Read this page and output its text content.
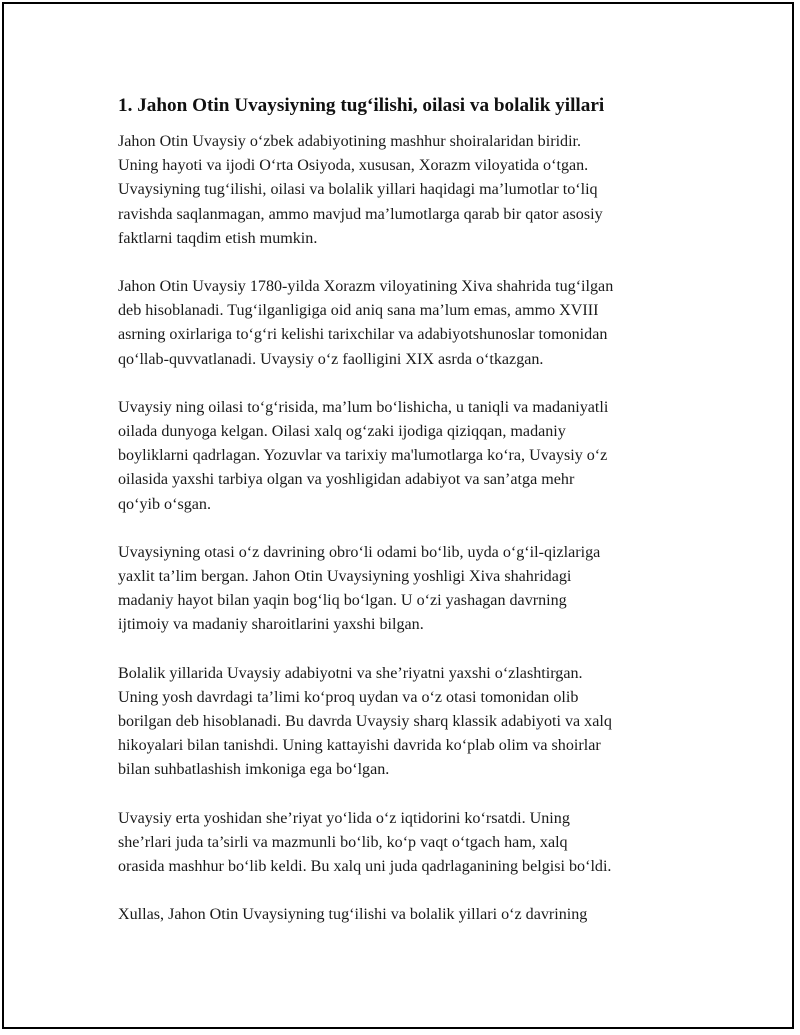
1. Jahon Otin Uvaysiyning tug‘ilishi, oilasi va bolalik yillari

Jahon Otin Uvaysiy o‘zbek adabiyotining mashhur shoiralaridan biridir.
Uning hayoti va ijodi O‘rta Osiyoda, xususan, Xorazm viloyatida o‘tgan.
Uvaysiyning tug‘ilishi, oilasi va bolalik yillari haqidagi ma’lumotlar to‘liq
ravishda saqlanmagan, ammo mavjud ma’lumotlarga qarab bir qator asosiy
faktlarni taqdim etish mumkin.

Jahon Otin Uvaysiy 1780-yilda Xorazm viloyatining Xiva shahrida tug‘ilgan
deb hisoblanadi. Tug‘ilganligiga oid aniq sana ma’lum emas, ammo XVIII
asrning oxirlariga to‘g‘ri kelishi tarixchilar va adabiyotshunoslar tomonidan
qo‘llab-quvvatlanadi. Uvaysiy o‘z faolligini XIX asrda o‘tkazgan.

Uvaysiy ning oilasi to‘g‘risida, ma’lum bo‘lishicha, u taniqli va madaniyatli
oilada dunyoga kelgan. Oilasi xalq og‘zaki ijodiga qiziqqan, madaniy
boyliklarni qadrlagan. Yozuvlar va tarixiy ma'lumotlarga ko‘ra, Uvaysiy o‘z
oilasida yaxshi tarbiya olgan va yoshligidan adabiyot va san’atga mehr
qo‘yib o‘sgan.

Uvaysiyning otasi o‘z davrining obro‘li odami bo‘lib, uyda o‘g‘il-qizlariga
yaxlit ta’lim bergan. Jahon Otin Uvaysiyning yoshligi Xiva shahridagi
madaniy hayot bilan yaqin bog‘liq bo‘lgan. U o‘zi yashagan davrning
ijtimoiy va madaniy sharoitlarini yaxshi bilgan.

Bolalik yillarida Uvaysiy adabiyotni va she’riyatni yaxshi o‘zlashtirgan.
Uning yosh davrdagi ta’limi ko‘proq uydan va o‘z otasi tomonidan olib
borilgan deb hisoblanadi. Bu davrda Uvaysiy sharq klassik adabiyoti va xalq
hikoyalari bilan tanishdi. Uning kattayishi davrida ko‘plab olim va shoirlar
bilan suhbatlashish imkoniga ega bo‘lgan.

Uvaysiy erta yoshidan she’riyat yo‘lida o‘z iqtidorini ko‘rsatdi. Uning
she’rlari juda ta’sirli va mazmunli bo‘lib, ko‘p vaqt o‘tgach ham, xalq
orasida mashhur bo‘lib keldi. Bu xalq uni juda qadrlaganining belgisi bo‘ldi.

Xullas, Jahon Otin Uvaysiyning tug‘ilishi va bolalik yillari o‘z davrining
